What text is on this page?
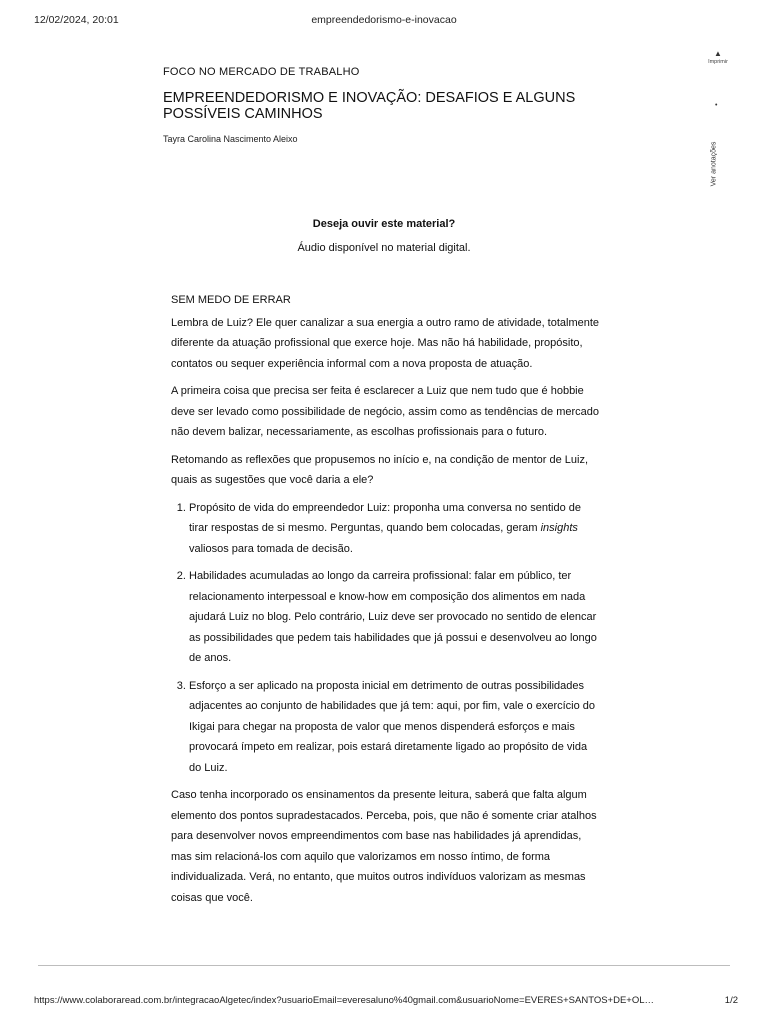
12/02/2024, 20:01	empreendedorismo-e-inovacao
▲
Imprimir
•
Ver anotações
FOCO NO MERCADO DE TRABALHO
EMPREENDEDORISMO E INOVAÇÃO: DESAFIOS E ALGUNS
POSSÍVEIS CAMINHOS
Tayra Carolina Nascimento Aleixo
Deseja ouvir este material?
Áudio disponível no material digital.
SEM MEDO DE ERRAR

Lembra de Luiz? Ele quer canalizar a sua energia a outro ramo de atividade, totalmente diferente da atuação profissional que exerce hoje. Mas não há habilidade, propósito, contatos ou sequer experiência informal com a nova proposta de atuação.

A primeira coisa que precisa ser feita é esclarecer a Luiz que nem tudo que é hobbie deve ser levado como possibilidade de negócio, assim como as tendências de mercado não devem balizar, necessariamente, as escolhas profissionais para o futuro.

Retomando as reflexões que propusemos no início e, na condição de mentor de Luiz, quais as sugestões que você daria a ele?

1. Propósito de vida do empreendedor Luiz: proponha uma conversa no sentido de tirar respostas de si mesmo. Perguntas, quando bem colocadas, geram insights valiosos para tomada de decisão.
2. Habilidades acumuladas ao longo da carreira profissional: falar em público, ter relacionamento interpessoal e know-how em composição dos alimentos em nada ajudará Luiz no blog. Pelo contrário, Luiz deve ser provocado no sentido de elencar as possibilidades que pedem tais habilidades que já possui e desenvolveu ao longo de anos.
3. Esforço a ser aplicado na proposta inicial em detrimento de outras possibilidades adjacentes ao conjunto de habilidades que já tem: aqui, por fim, vale o exercício do Ikigai para chegar na proposta de valor que menos dispenderá esforços e mais provocará ímpeto em realizar, pois estará diretamente ligado ao propósito de vida do Luiz.

Caso tenha incorporado os ensinamentos da presente leitura, saberá que falta algum elemento dos pontos supradestacados. Perceba, pois, que não é somente criar atalhos para desenvolver novos empreendimentos com base nas habilidades já aprendidas, mas sim relacioná-los com aquilo que valorizamos em nosso íntimo, de forma individualizada. Verá, no entanto, que muitos outros indivíduos valorizam as mesmas coisas que você.

https://www.colaboraread.com.br/integracaoAlgetec/index?usuarioEmail=everesaluno%40gmail.com&usuarioNome=EVERES+SANTOS+DE+OL…	1/2
